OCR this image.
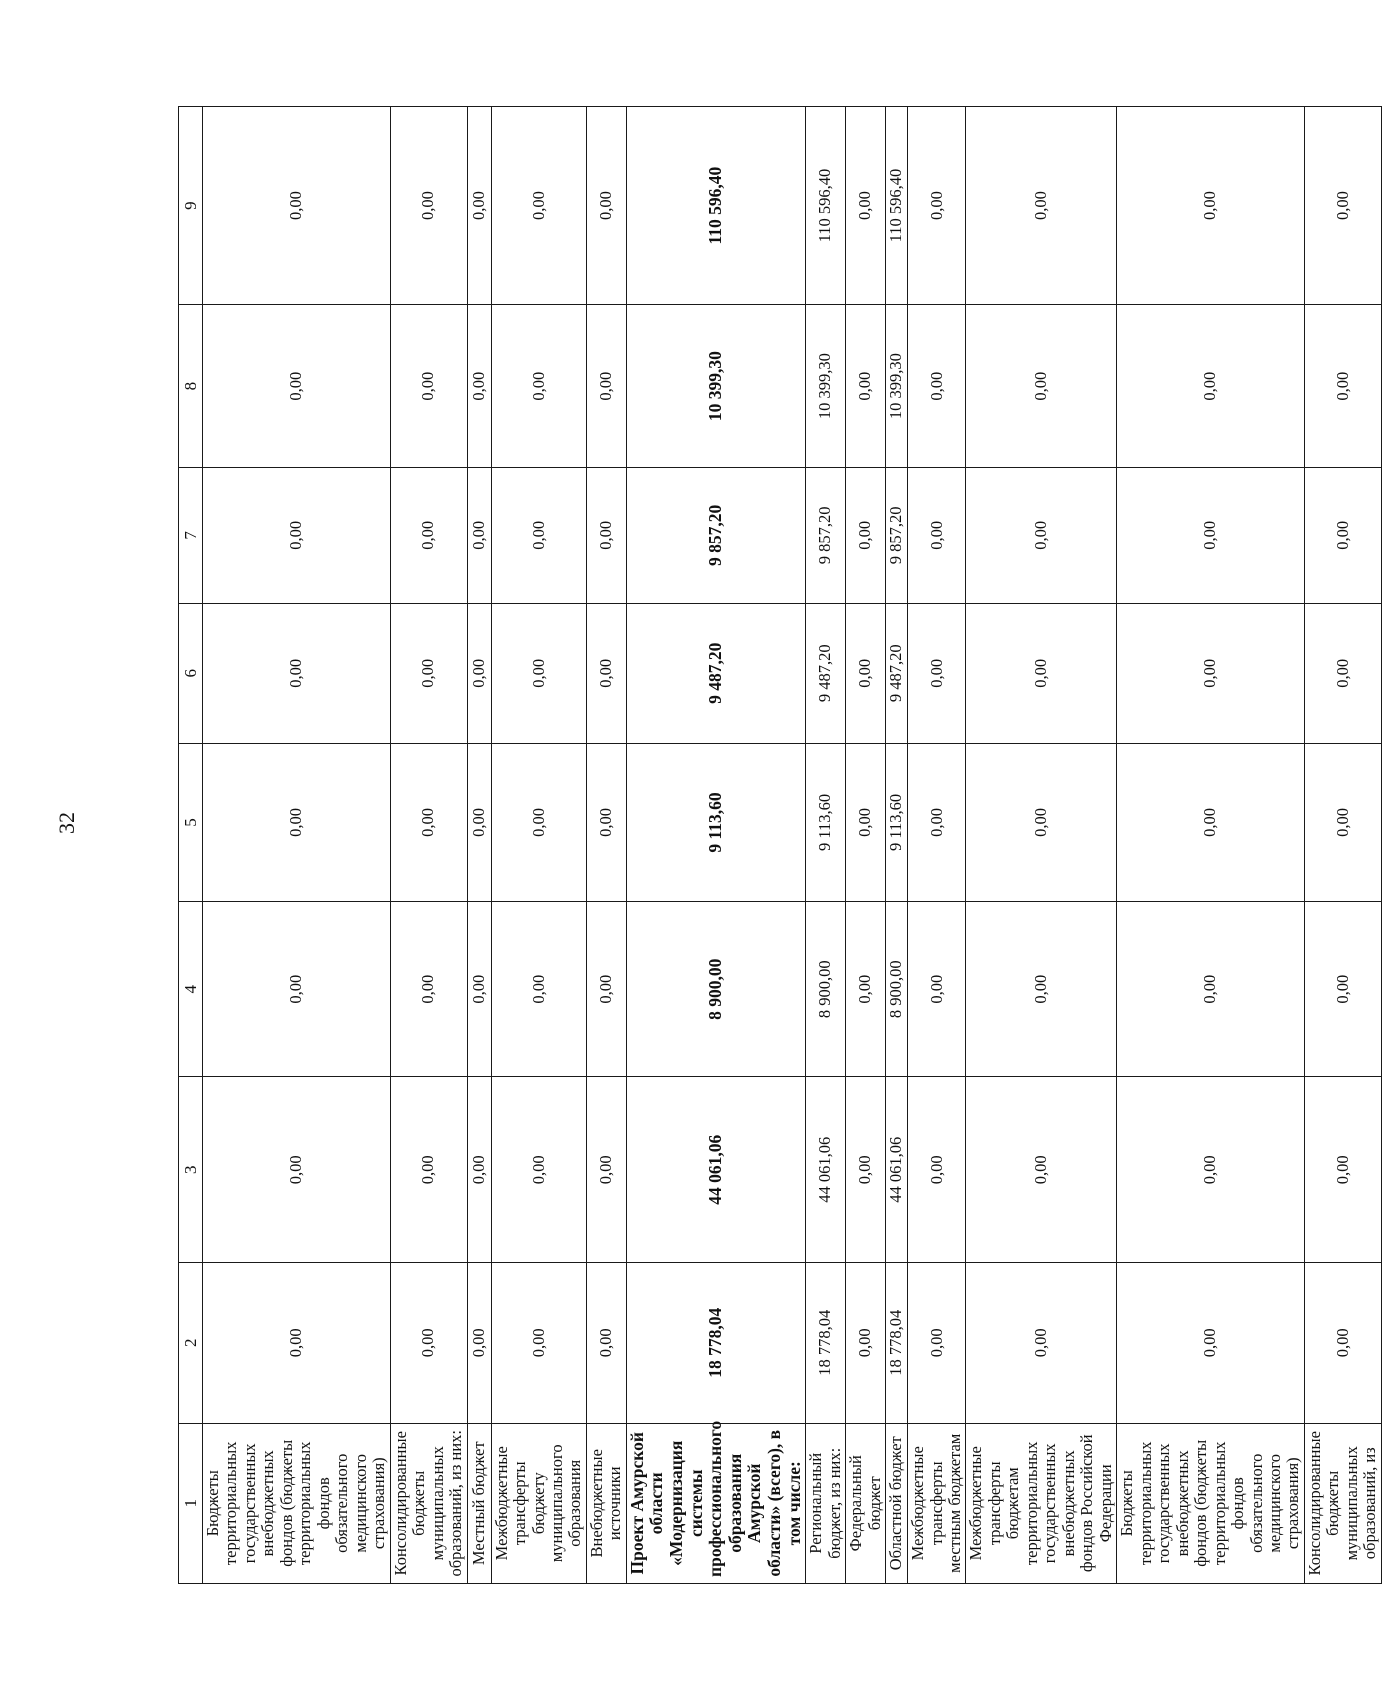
32
1	2	3	4	5	6	7	8	9
Бюджеты территориальных государственных внебюджетных фондов (бюджеты территориальных фондов обязательного медицинского страхования)	0,00	0,00	0,00	0,00	0,00	0,00	0,00	0,00
Консолидированные бюджеты муниципальных образований, из них:	0,00	0,00	0,00	0,00	0,00	0,00	0,00	0,00
Местный бюджет	0,00	0,00	0,00	0,00	0,00	0,00	0,00	0,00
Межбюджетные трансферты бюджету муниципального образования	0,00	0,00	0,00	0,00	0,00	0,00	0,00	0,00
Внебюджетные источники	0,00	0,00	0,00	0,00	0,00	0,00	0,00	0,00
Проект Амурской области «Модернизация системы профессионального образования Амурской области» (всего), в том числе:	18 778,04	44 061,06	8 900,00	9 113,60	9 487,20	9 857,20	10 399,30	110 596,40
Региональный бюджет, из них:	18 778,04	44 061,06	8 900,00	9 113,60	9 487,20	9 857,20	10 399,30	110 596,40
Федеральный бюджет	0,00	0,00	0,00	0,00	0,00	0,00	0,00	0,00
Областной бюджет	18 778,04	44 061,06	8 900,00	9 113,60	9 487,20	9 857,20	10 399,30	110 596,40
Межбюджетные трансферты местным бюджетам	0,00	0,00	0,00	0,00	0,00	0,00	0,00	0,00
Межбюджетные трансферты бюджетам территориальных государственных внебюджетных фондов Российской Федерации	0,00	0,00	0,00	0,00	0,00	0,00	0,00	0,00
Бюджеты территориальных государственных внебюджетных фондов (бюджеты территориальных фондов обязательного медицинского страхования)	0,00	0,00	0,00	0,00	0,00	0,00	0,00	0,00
Консолидированные бюджеты муниципальных образований, из	0,00	0,00	0,00	0,00	0,00	0,00	0,00	0,00
